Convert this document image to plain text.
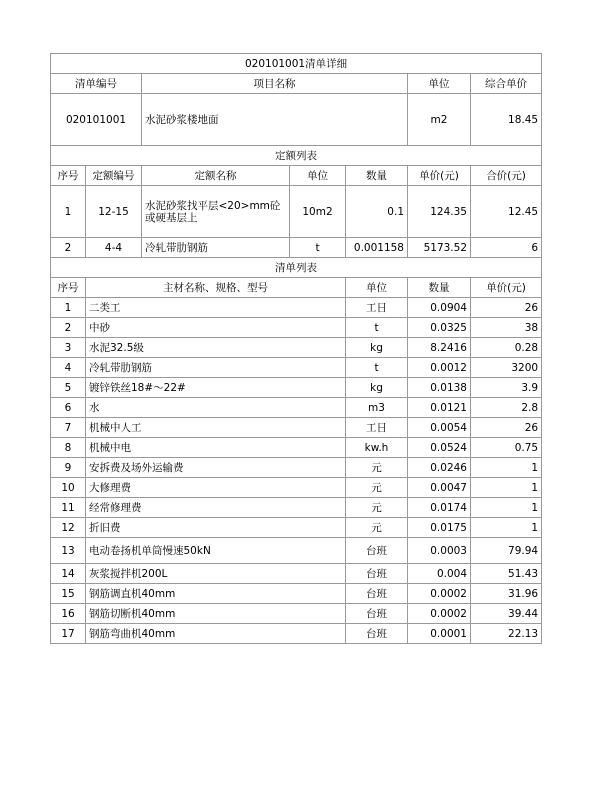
020101001清单详细							
清单编号		项目名称			单位	综合单价	
020101001		水泥砂浆楼地面			m2	18.45	
定额列表							
序号	定额编号	定额名称	单位	数量	单价(元)	合价(元)	
1	12-15	水泥砂浆找平层<20>mm砼或硬基层上	10m2	0.1	124.35	12.45	
2	4-4	冷轧带肋钢筋	t	0.001158	5173.52	6	
清单列表							
序号	主材名称、规格、型号			单位	数量	单价(元)	
1	二类工			工日	0.0904	26	
2	中砂			t	0.0325	38	
3	水泥32.5级			kg	8.2416	0.28	
4	冷轧带肋钢筋			t	0.0012	3200	
5	镀锌铁丝18#～22#			kg	0.0138	3.9	
6	水			m3	0.0121	2.8	
7	机械中人工			工日	0.0054	26	
8	机械中电			kw.h	0.0524	0.75	
9	安拆费及场外运输费			元	0.0246	1	
10	大修理费			元	0.0047	1	
11	经常修理费			元	0.0174	1	
12	折旧费			元	0.0175	1	
13	电动卷扬机单筒慢速50kN			台班	0.0003	79.94	
14	灰浆搅拌机200L			台班	0.004	51.43	
15	钢筋调直机40mm			台班	0.0002	31.96	
16	钢筋切断机40mm			台班	0.0002	39.44	
17	钢筋弯曲机40mm			台班	0.0001	22.13	
